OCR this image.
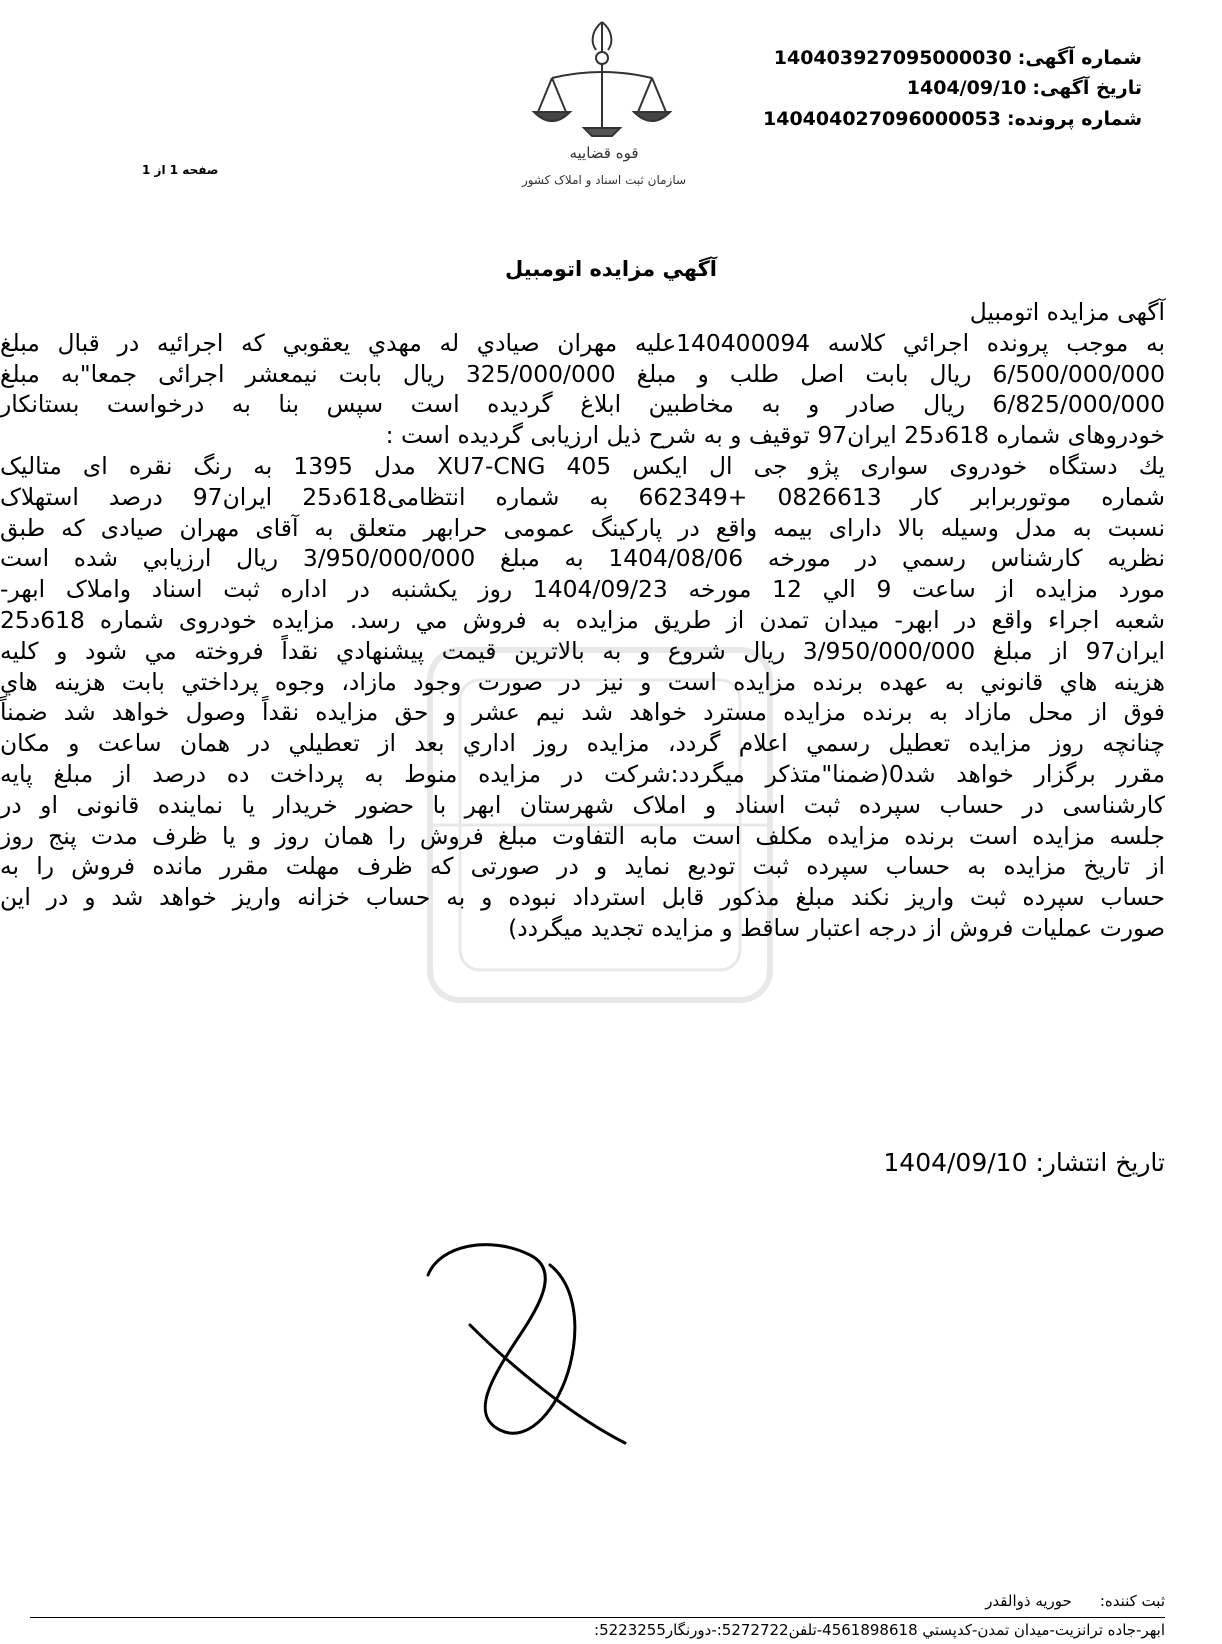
شماره آگهی:140403927095000030
تاریخ آگهی:1404/09/10
شماره پرونده:140404027096000053
قوه قضاییه
سازمان ثبت اسناد و املاک کشور
صفحه 1 از 1
آگهي مزايده اتومبيل
آگهی مزایده اتومبیل
به موجب پرونده اجرائي كلاسه 140400094عليه مهران صيادي له مهدي يعقوبي كه اجرائيه در قبال مبلغ
6/500/000/000 ريال بابت اصل طلب و مبلغ 325/000/000 ريال بابت نيمعشر اجرائی جمعا"به مبلغ
6/825/000/000 ريال صادر و به مخاطبين ابلاغ گرديده است سپس بنا به درخواست بستانكار
خودروهای شماره 618د25 ایران97 توقيف و به شرح ذيل ارزيابی گرديده است :
يك دستگاه خودروی سواری پژو جی ال ايكس XU7-CNG 405 مدل 1395 به رنگ نقره ای متاليک
شماره موتوربرابر كار 0826613 +662349 به شماره انتظامی618د25 ايران97 درصد استهلاک
نسبت به مدل وسيله بالا دارای بيمه واقع در پاركينگ عمومی حرابهر متعلق به آقای مهران صيادی كه طبق
نظريه كارشناس رسمي در مورخه 1404/08/06 به مبلغ 3/950/000/000 ريال ارزيابي شده است
مورد مزايده از ساعت 9 الي 12 مورخه 1404/09/23 روز يكشنبه در اداره ثبت اسناد واملاک ابهر-
شعبه اجراء واقع در ابهر- ميدان تمدن از طريق مزايده به فروش مي رسد. مزايده خودروی شماره 618د25
ايران97 از مبلغ 3/950/000/000 ريال شروع و به بالاترين قيمت پيشنهادي نقداً فروخته مي شود و كليه
هزينه هاي قانوني به عهده برنده مزايده است و نيز در صورت وجود مازاد، وجوه پرداختي بابت هزينه هاي
فوق از محل مازاد به برنده مزايده مسترد خواهد شد نيم عشر و حق مزايده نقداً وصول خواهد شد ضمناً
چنانچه روز مزايده تعطيل رسمي اعلام گردد، مزايده روز اداري بعد از تعطيلي در همان ساعت و مكان
مقرر برگزار خواهد شد0(ضمنا"متذكر ميگردد:شركت در مزايده منوط به پرداخت ده درصد از مبلغ پايه
كارشناسی در حساب سپرده ثبت اسناد و املاک شهرستان ابهر با حضور خريدار يا نماينده قانونی او در
جلسه مزايده است برنده مزايده مكلف است مابه التفاوت مبلغ فروش را همان روز و يا ظرف مدت پنج روز
از تاريخ مزايده به حساب سپرده ثبت توديع نمايد و در صورتی كه ظرف مهلت مقرر مانده فروش را به
حساب سپرده ثبت واريز نكند مبلغ مذكور قابل استرداد نبوده و به حساب خزانه واريز خواهد شد و در اين
صورت عمليات فروش از درجه اعتبار ساقط و مزايده تجديد ميگردد)
تاریخ انتشار: 1404/09/10
ثبت کننده:حوريه ذوالقدر
ابهر-جاده ترانزيت-ميدان تمدن-كدپستي 4561898618-تلفن5272722:-دورنگار5223255:
